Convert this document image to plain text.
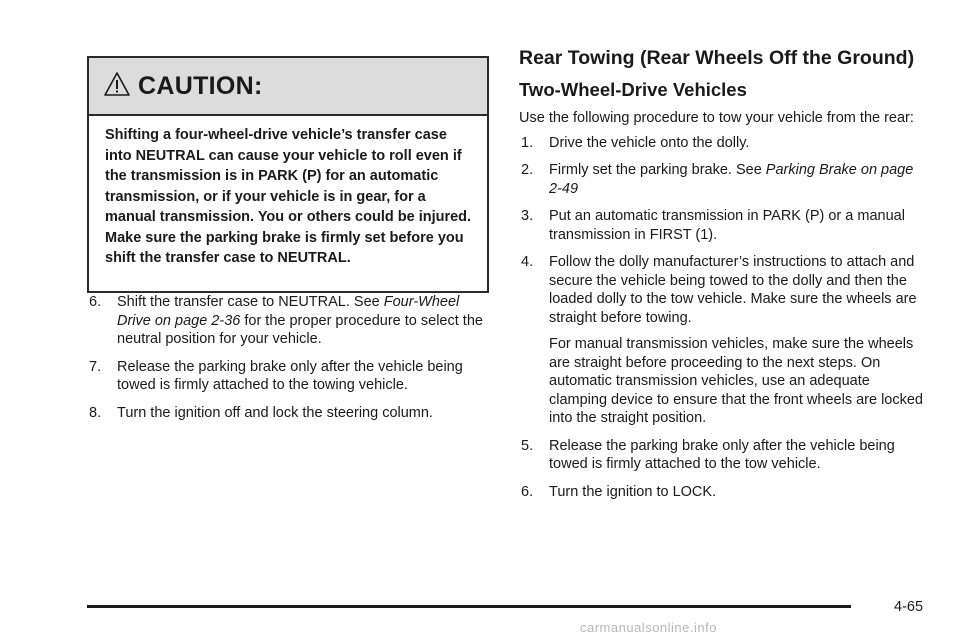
CAUTION:
Shifting a four-wheel-drive vehicle’s transfer case into NEUTRAL can cause your vehicle to roll even if the transmission is in PARK (P) for an automatic transmission, or if your vehicle is in gear, for a manual transmission. You or others could be injured. Make sure the parking brake is firmly set before you shift the transfer case to NEUTRAL.
6. Shift the transfer case to NEUTRAL. See Four-Wheel Drive on page 2-36 for the proper procedure to select the neutral position for your vehicle.
7. Release the parking brake only after the vehicle being towed is firmly attached to the towing vehicle.
8. Turn the ignition off and lock the steering column.
Rear Towing (Rear Wheels Off the Ground)
Two-Wheel-Drive Vehicles

Use the following procedure to tow your vehicle from the rear:

1. Drive the vehicle onto the dolly.
2. Firmly set the parking brake. See Parking Brake on page 2-49
3. Put an automatic transmission in PARK (P) or a manual transmission in FIRST (1).
4. Follow the dolly manufacturer’s instructions to attach and secure the vehicle being towed to the dolly and then the loaded dolly to the tow vehicle. Make sure the wheels are straight before towing.
For manual transmission vehicles, make sure the wheels are straight before proceeding to the next steps. On automatic transmission vehicles, use an adequate clamping device to ensure that the front wheels are locked into the straight position.
5. Release the parking brake only after the vehicle being towed is firmly attached to the tow vehicle.
6. Turn the ignition to LOCK.
4-65
carmanualsonline.info
